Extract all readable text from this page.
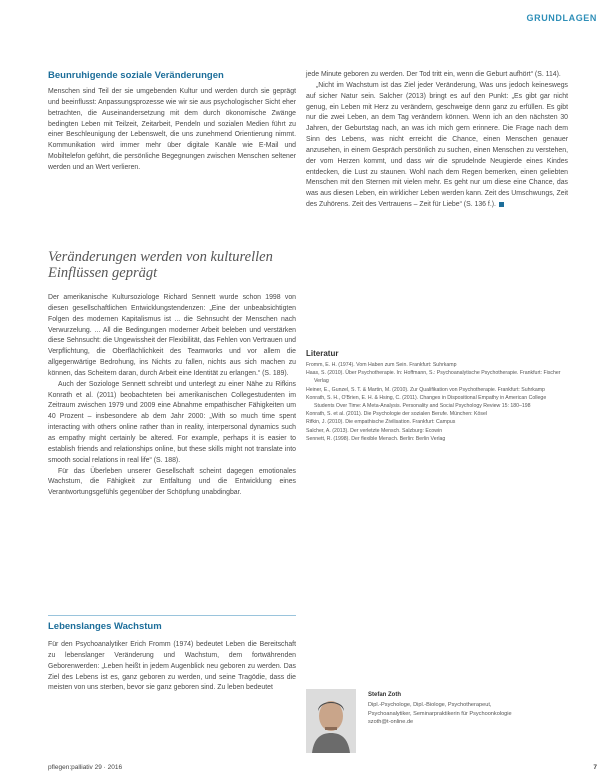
GRUNDLAGEN
Beunruhigende soziale Veränderungen

Menschen sind Teil der sie umgebenden Kultur und werden durch sie geprägt und beeinflusst: Anpassungsprozesse wie wir sie aus psychologischer Sicht eher betrachten, die Auseinandersetzung mit dem durch ökonomische Zwänge bedingten Leben mit Teilzeit, Zeitarbeit, Pendeln und sozialen Medien führt zu einer Beschleunigung der Lebenswelt, die uns zunehmend Orientierung nimmt. Kommunikation wird immer mehr über digitale Kanäle wie E-Mail und Mobiltelefon geführt, die persönliche Begegnungen zwischen Menschen seltener werden und an Wert verlieren.

Veränderungen werden von kulturellen Einflüssen geprägt

Der amerikanische Kultursoziologe Richard Sennett wurde schon 1998 von diesen gesellschaftlichen Entwicklungstendenzen: „Eine der unbeabsichtigten Folgen des modernen Kapitalismus ist ... die Sehnsucht der Menschen nach Verwurzelung. ... All die Bedingungen moderner Arbeit beleben und verstärken diese Sehnsucht: die Ungewissheit der Flexibilität, das Fehlen von Vertrauen und Verpflichtung, die Oberflächlichkeit des Teamworks und vor allem die allgegenwärtige Bedrohung, ins Nichts zu fallen, nichts aus sich machen zu können, das Scheitern daran, durch Arbeit eine Identität zu erlangen.“ (S. 189).

Auch der Soziologe Sennett schreibt und unterlegt zu einer Nähe zu Rifkins Konrath et al. (2011) beobachteten bei amerikanischen Collegestudenten im Zeitraum zwischen 1979 und 2009 eine Abnahme empathischer Fähigkeiten um 40 Prozent – insbesondere ab dem Jahr 2000: „With so much time spent interacting with others online rather than in reality, interpersonal dynamics such as empathy might certainly be altered. For example, perhaps it is easier to establish friends and relationships online, but these skills might not translate into smooth social relations in real life“ (S. 188).

Für das Überleben unserer Gesellschaft scheint dagegen emotionales Wachstum, die Fähigkeit zur Entfaltung und die Entwicklung eines Verantwortungsgefühls gegenüber der Schöpfung unabdingbar.

Lebenslanges Wachstum

Für den Psychoanalytiker Erich Fromm (1974) bedeutet Leben die Bereitschaft zu lebenslanger Veränderung und Wachstum, dem fortwährenden Geborenwerden: „Leben heißt in jedem Augenblick neu geboren zu werden. Das Ziel des Lebens ist es, ganz geboren zu werden, und seine Tragödie, dass die meisten von uns sterben, bevor sie ganz geboren sind. Zu leben bedeutet

jede Minute geboren zu werden. Der Tod tritt ein, wenn die Geburt aufhört“ (S. 114).

„Nicht im Wachstum ist das Ziel jeder Veränderung, Was uns jedoch keineswegs auf sicher Natur sein. Salcher (2013) bringt es auf den Punkt: „Es gibt gar nicht genug, ein Leben mit Herz zu verändern, geschweige denn ganz zu erfüllen. Es gibt nur die zwei Leben, an dem Tag verändern können. Wenn ich an den nächsten 30 Jahren, der Geburtstag nach, an was ich mich gern erinnere. Die Frage nach dem Sinn des Lebens, was nicht erreicht die Chance, einen Menschen genauer anzusehen, in einem Gespräch persönlich zu suchen, einen Menschen zu verstehen, der vom Herzen kommt, und dass wir die sprudelnde Neugierde eines Kindes entdecken, die Lust zu staunen. Wohl nach dem Regen bemerken, einen geliebten Menschen mit den Sternen mit vielen mehr. Es geht nur um diese eine Chance, das was aus diesen Leben, ein wirklicher Leben werden kann. Zeit des Umschwungs, Zeit des Zuhörens. Zeit des Vertrauens – Zeit für Liebe“ (S. 136 f.).

Literatur
Fromm, E. H. (1974). Vom Haben zum Sein. Frankfurt: Suhrkamp
Haas, S. (2010). Über Psychotherapie. In: Hoffmann, S.: Psychoanalytische Psychotherapie. Frankfurt: Fischer Verlag
Heiner, E., Gunzel, S. T. & Martin, M. (2010). Zur Qualifikation von Psychotherapie. Frankfurt: Suhrkamp
Konrath, S. H., O'Brien, E. H. & Hsing, C. (2011). Changes in Dispositional Empathy in American College Students Over Time: A Meta-Analysis. Personality and Social Psychology Review 15: 180–198
Konrath, S. et al. (2011). Die Psychologie der sozialen Berufe. München: Kösel
Rifkin, J. (2010). Die empathische Zivilisation. Frankfurt: Campus
Salcher, A. (2013). Der verletzte Mensch. Salzburg: Ecowin
Sennett, R. (1998). Der flexible Mensch. Berlin: Berlin Verlag
Stefan Zoth
Dipl.-Psychologe, Dipl.-Biologe, Psychotherapeut,
Psychoanalytiker, Seminarpraktikerin für Psychoonkologie
szoth@t-online.de
pflegen:palliativ 29 · 2016	7
